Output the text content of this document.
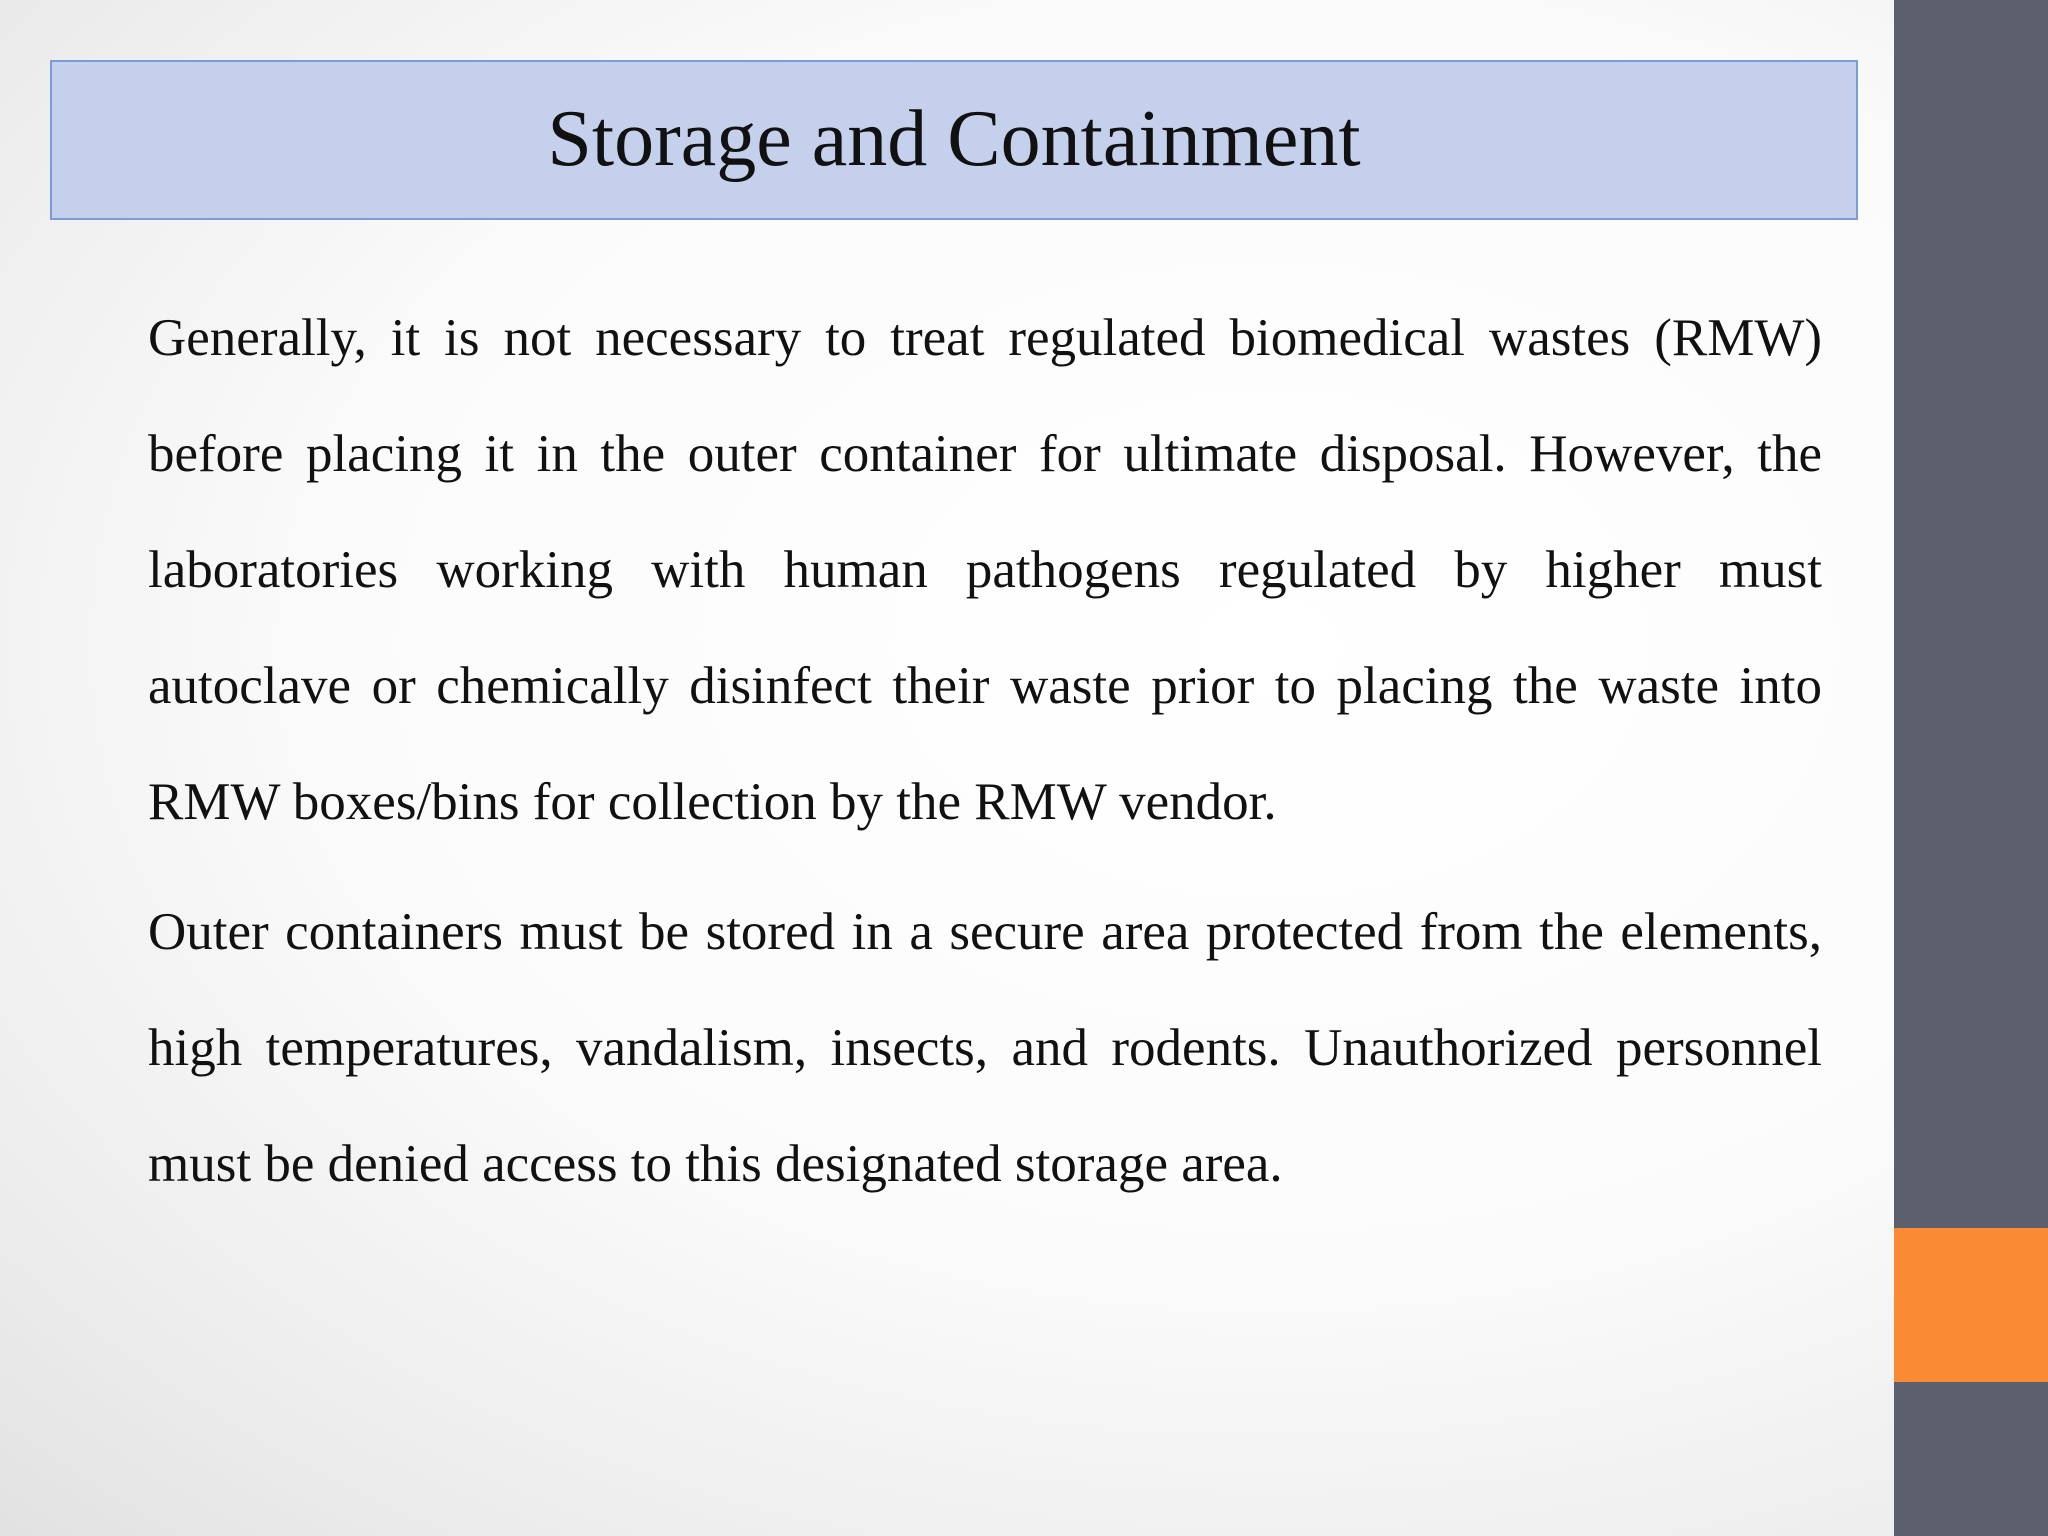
Storage and Containment

Generally, it is not necessary to treat regulated biomedical wastes (RMW) before placing it in the outer container for ultimate disposal. However, the laboratories working with human pathogens regulated by higher must autoclave or chemically disinfect their waste prior to placing the waste into RMW boxes/bins for collection by the RMW vendor.

Outer containers must be stored in a secure area protected from the elements, high temperatures, vandalism, insects, and rodents. Unauthorized personnel must be denied access to this designated storage area.
